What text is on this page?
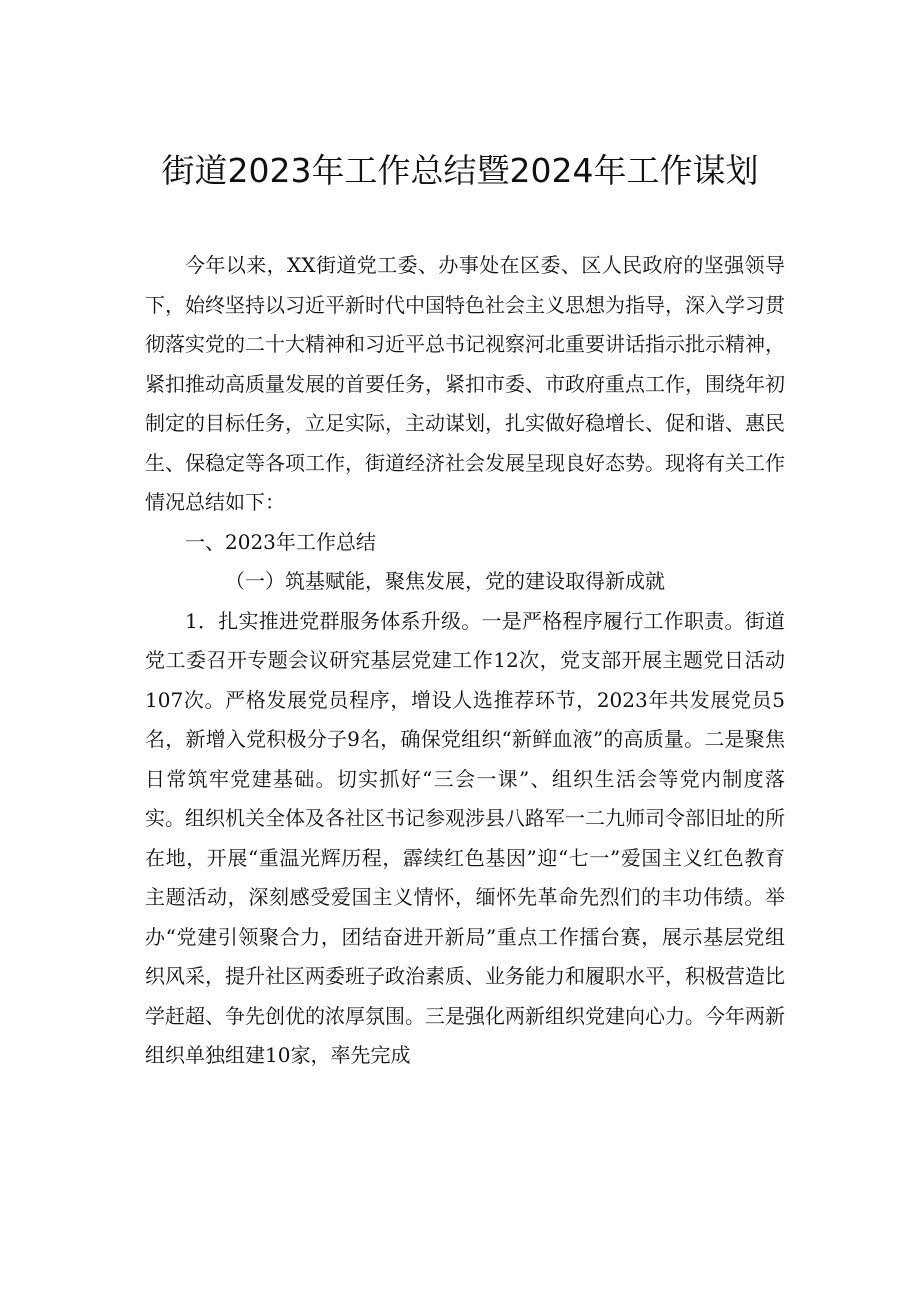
街道2023年工作总结暨2024年工作谋划

今年以来，XX街道党工委、办事处在区委、区人民政府的坚强领导下，始终坚持以习近平新时代中国特色社会主义思想为指导，深入学习贯彻落实党的二十大精神和习近平总书记视察河北重要讲话指示批示精神，紧扣推动高质量发展的首要任务，紧扣市委、市政府重点工作，围绕年初制定的目标任务，立足实际，主动谋划，扎实做好稳增长、促和谐、惠民生、保稳定等各项工作，街道经济社会发展呈现良好态势。现将有关工作情况总结如下：

一、2023年工作总结

（一）筑基赋能，聚焦发展，党的建设取得新成就

1．扎实推进党群服务体系升级。一是严格程序履行工作职责。街道党工委召开专题会议研究基层党建工作12次，党支部开展主题党日活动107次。严格发展党员程序，增设人选推荐环节，2023年共发展党员5名，新增入党积极分子9名，确保党组织“新鲜血液”的高质量。二是聚焦日常筑牢党建基础。切实抓好“三会一课”、组织生活会等党内制度落实。组织机关全体及各社区书记参观涉县八路军一二九师司令部旧址的所在地，开展“重温光辉历程，霹续红色基因”迎“七一”爱国主义红色教育主题活动，深刻感受爱国主义情怀，缅怀先革命先烈们的丰功伟绩。举办“党建引领聚合力，团结奋进开新局”重点工作擂台赛，展示基层党组织风采，提升社区两委班子政治素质、业务能力和履职水平，积极营造比学赶超、争先创优的浓厚氛围。三是强化两新组织党建向心力。今年两新组织单独组建10家，率先完成
